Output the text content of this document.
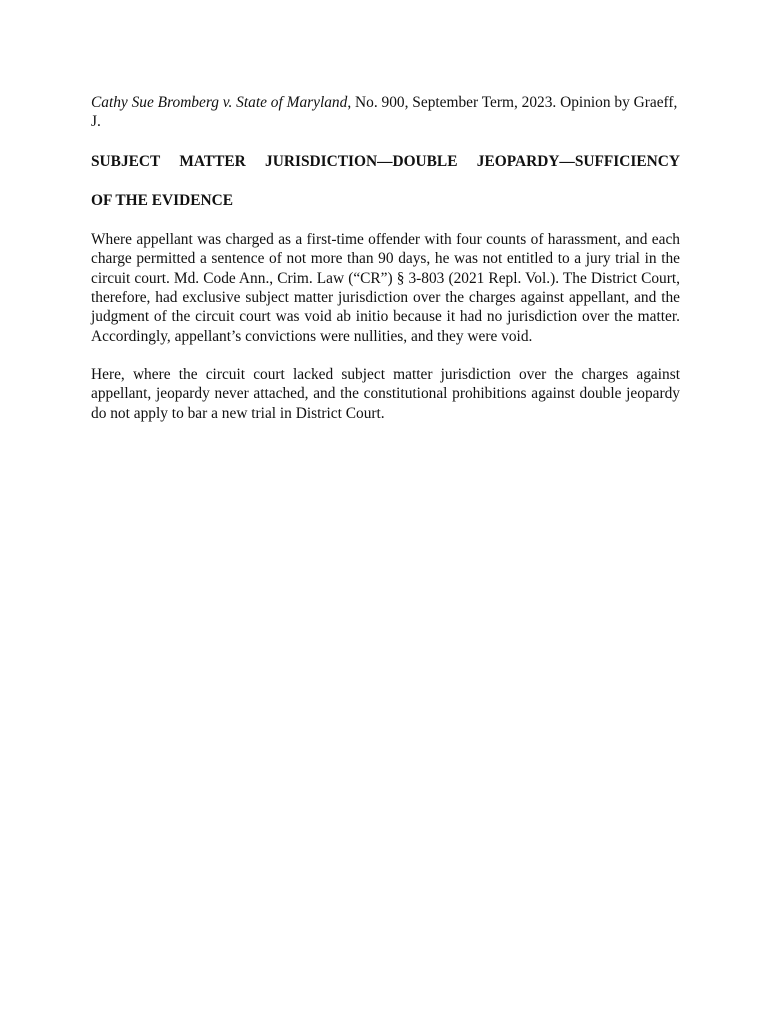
Cathy Sue Bromberg v. State of Maryland, No. 900, September Term, 2023. Opinion by Graeff, J.

SUBJECT MATTER JURISDICTION—DOUBLE JEOPARDY—SUFFICIENCY

OF THE EVIDENCE

Where appellant was charged as a first-time offender with four counts of harassment, and each charge permitted a sentence of not more than 90 days, he was not entitled to a jury trial in the circuit court. Md. Code Ann., Crim. Law (“CR”) § 3-803 (2021 Repl. Vol.). The District Court, therefore, had exclusive subject matter jurisdiction over the charges against appellant, and the judgment of the circuit court was void ab initio because it had no jurisdiction over the matter. Accordingly, appellant’s convictions were nullities, and they were void.

Here, where the circuit court lacked subject matter jurisdiction over the charges against appellant, jeopardy never attached, and the constitutional prohibitions against double jeopardy do not apply to bar a new trial in District Court.
